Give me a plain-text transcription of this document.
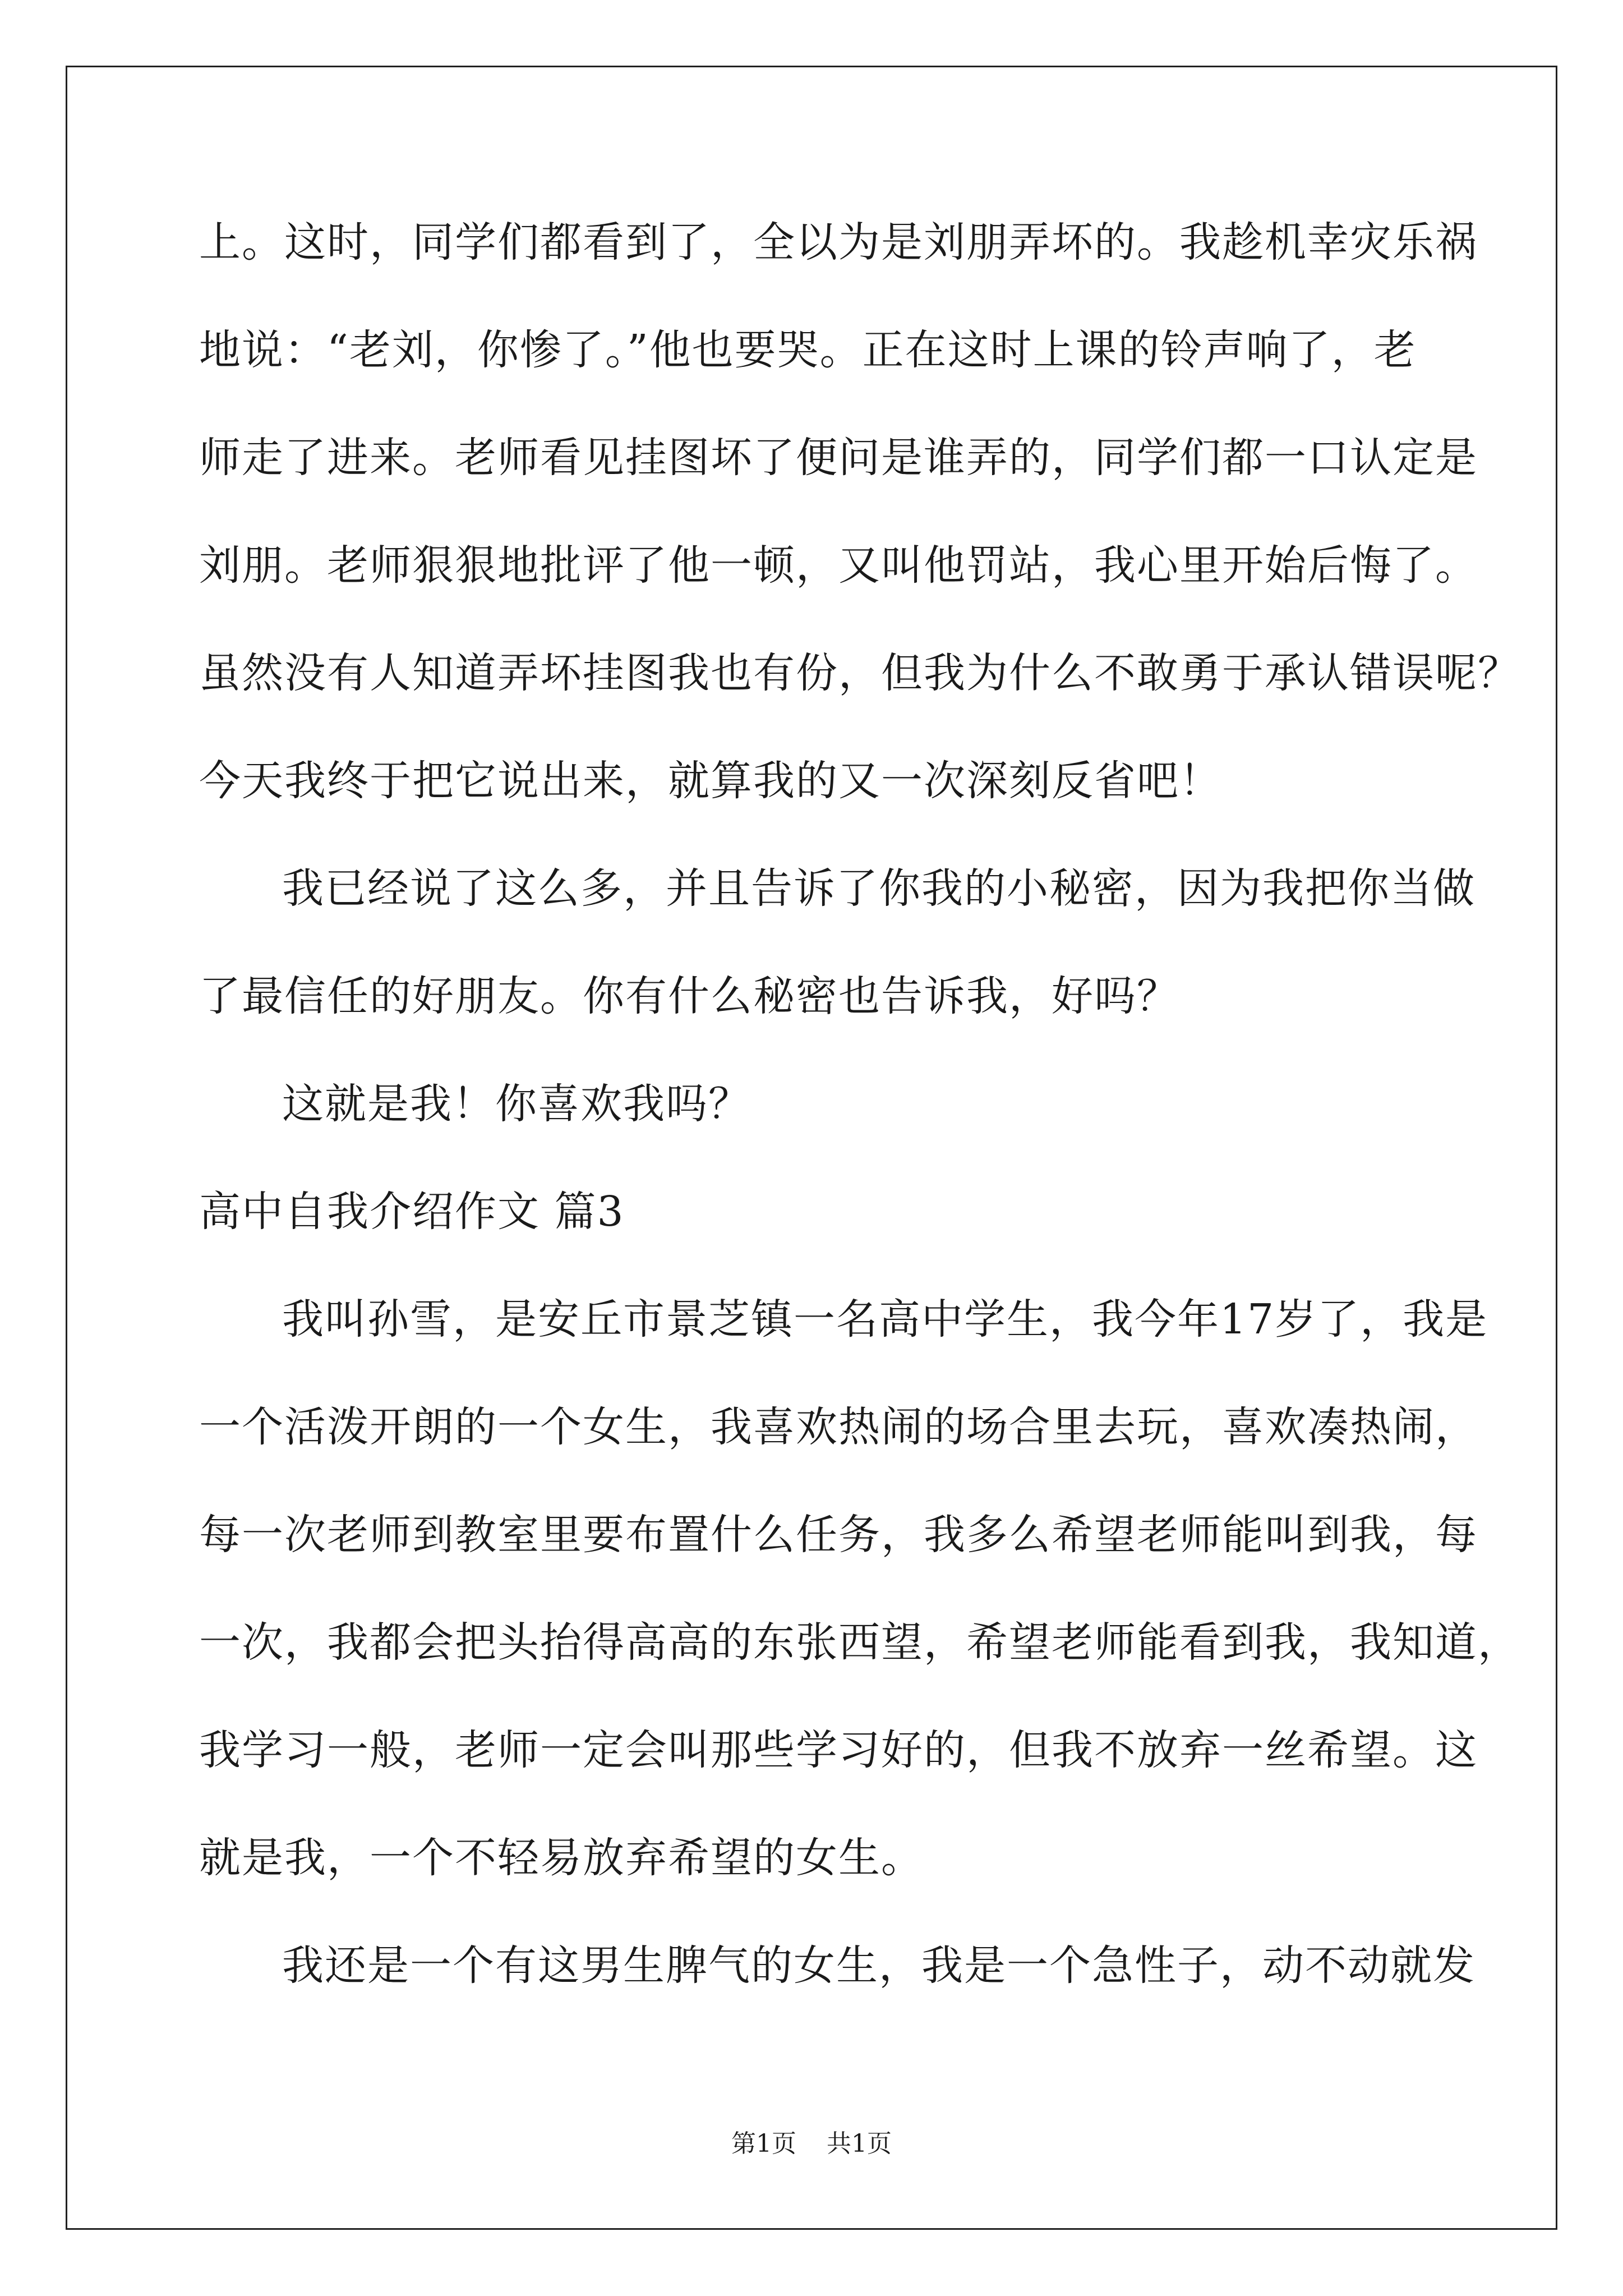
上。这时，同学们都看到了，全以为是刘朋弄坏的。我趁机幸灾乐祸
地说：“老刘，你惨了。”他也要哭。正在这时上课的铃声响了，老
师走了进来。老师看见挂图坏了便问是谁弄的，同学们都一口认定是
刘朋。老师狠狠地批评了他一顿，又叫他罚站，我心里开始后悔了。
虽然没有人知道弄坏挂图我也有份，但我为什么不敢勇于承认错误呢？
今天我终于把它说出来，就算我的又一次深刻反省吧！
我已经说了这么多，并且告诉了你我的小秘密，因为我把你当做
了最信任的好朋友。你有什么秘密也告诉我，好吗？
这就是我！你喜欢我吗？
高中自我介绍作文 篇3
我叫孙雪，是安丘市景芝镇一名高中学生，我今年17岁了，我是
一个活泼开朗的一个女生，我喜欢热闹的场合里去玩，喜欢凑热闹，
每一次老师到教室里要布置什么任务，我多么希望老师能叫到我，每
一次，我都会把头抬得高高的东张西望，希望老师能看到我，我知道，
我学习一般，老师一定会叫那些学习好的，但我不放弃一丝希望。这
就是我，一个不轻易放弃希望的女生。
我还是一个有这男生脾气的女生，我是一个急性子，动不动就发
第1页 共1页
